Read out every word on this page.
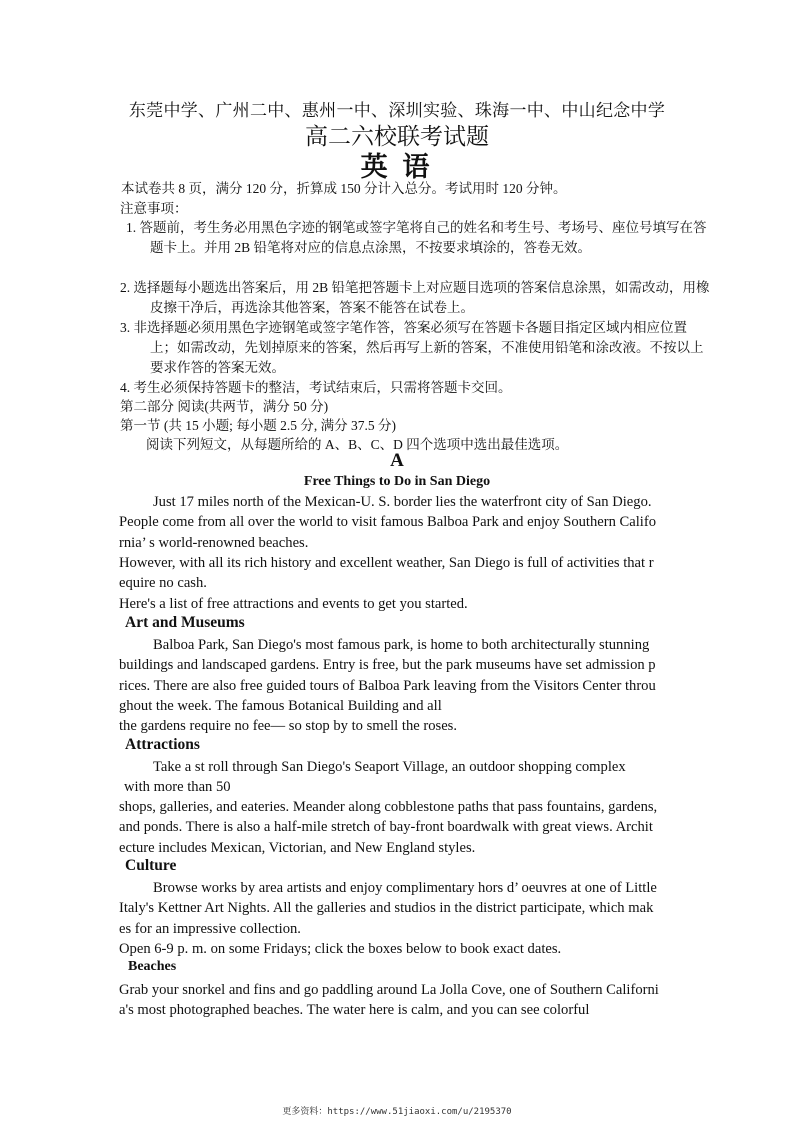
东莞中学、广州二中、惠州一中、深圳实验、珠海一中、中山纪念中学
高二六校联考试题
英 语
本试卷共 8 页，满分 120 分，折算成 150 分计入总分。考试用时 120 分钟。
注意事项：
1. 答题前，考生务必用黑色字迹的钢笔或签字笔将自己的姓名和考生号、考场号、座位号填写在答题卡上。并用 2B 铅笔将对应的信息点涂黑，不按要求填涂的，答卷无效。
2. 选择题每小题选出答案后，用 2B 铅笔把答题卡上对应题目选项的答案信息涂黑，如需改动，用橡皮擦干净后，再选涂其他答案，答案不能答在试卷上。
3. 非选择题必须用黑色字迹钢笔或签字笔作答，答案必须写在答题卡各题目指定区域内相应位置上；如需改动，先划掉原来的答案，然后再写上新的答案，不准使用铅笔和涂改液。不按以上要求作答的答案无效。
4. 考生必须保持答题卡的整洁，考试结束后，只需将答题卡交回。
第二部分 阅读(共两节，满分 50 分)
第一节 (共 15 小题; 每小题 2.5 分, 满分 37.5 分)
阅读下列短文，从每题所给的 A、B、C、D 四个选项中选出最佳选项。
A
Free Things to Do in San Diego
Just 17 miles north of the Mexican-U. S. border lies the waterfront city of San Diego. People come from all over the world to visit famous Balboa Park and enjoy Southern California’ s world-renowned beaches.
However, with all its rich history and excellent weather, San Diego is full of activities that require no cash.
Here's a list of free attractions and events to get you started.
Art and Museums
Balboa Park, San Diego's most famous park, is home to both architecturally stunning buildings and landscaped gardens. Entry is free, but the park museums have set admission prices. There are also free guided tours of Balboa Park leaving from the Visitors Center throughout the week. The famous Botanical Building and all
the gardens require no fee— so stop by to smell the roses.
Attractions
Take a st roll through San Diego's Seaport Village, an outdoor shopping complex
with more than 50
shops, galleries, and eateries. Meander along cobblestone paths that pass fountains, gardens, and ponds. There is also a half-mile stretch of bay-front boardwalk with great views. Architecture includes Mexican, Victorian, and New England styles.
Culture
Browse works by area artists and enjoy complimentary hors d’ oeuvres at one of Little Italy's Kettner Art Nights. All the galleries and studios in the district participate, which makes for an impressive collection.
Open 6-9 p. m. on some Fridays; click the boxes below to book exact dates.
Beaches
Grab your snorkel and fins and go paddling around La Jolla Cove, one of Southern California's most photographed beaches. The water here is calm, and you can see colorful
更多资料：https://www.51jiaoxi.com/u/2195370
